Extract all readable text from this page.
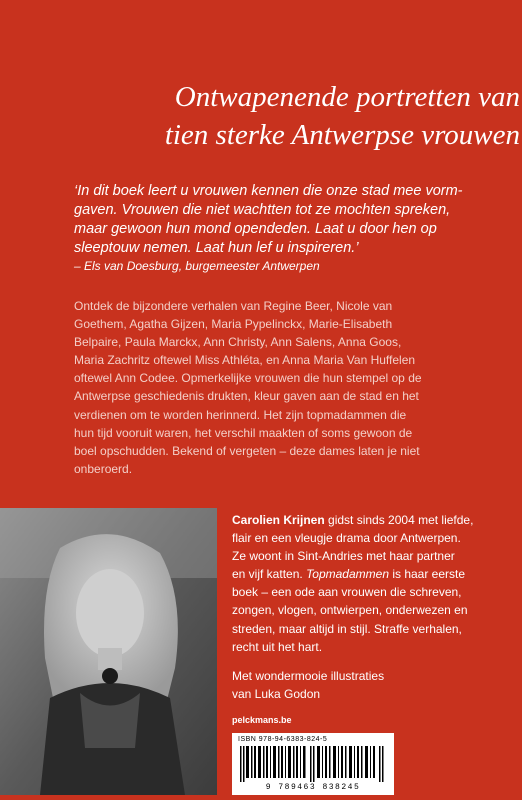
Ontwapenende portretten van
tien sterke Antwerpse vrouwen
‘In dit boek leert u vrouwen kennen die onze stad mee vorm-
gaven. Vrouwen die niet wachtten tot ze mochten spreken,
maar gewoon hun mond opendeden. Laat u door hen op
sleeptouw nemen. Laat hun lef u inspireren.’
– Els van Doesburg, burgemeester Antwerpen
Ontdek de bijzondere verhalen van Regine Beer, Nicole van
Goethem, Agatha Gijzen, Maria Pypelinckx, Marie-Elisabeth
Belpaire, Paula Marckx, Ann Christy, Ann Salens, Anna Goos,
Maria Zachritz oftewel Miss Athléta, en Anna Maria Van Huffelen
oftewel Ann Codee. Opmerkelijke vrouwen die hun stempel op de
Antwerpse geschiedenis drukten, kleur gaven aan de stad en het
verdienen om te worden herinnerd. Het zijn topmadammen die
hun tijd vooruit waren, het verschil maakten of soms gewoon de
boel opschudden. Bekend of vergeten – deze dames laten je niet
onberoerd.
Carolien Krijnen gidst sinds 2004 met liefde,
flair en een vleugje drama door Antwerpen.
Ze woont in Sint-Andries met haar partner
en vijf katten. Topmadammen is haar eerste
boek – een ode aan vrouwen die schreven,
zongen, vlogen, ontwierpen, onderwezen en
streden, maar altijd in stijl. Straffe verhalen,
recht uit het hart.
Met wondermooie illustraties
van Luka Godon
pelckmans.be
ISBN 978-94-6383-824-5
9 789463 838245
